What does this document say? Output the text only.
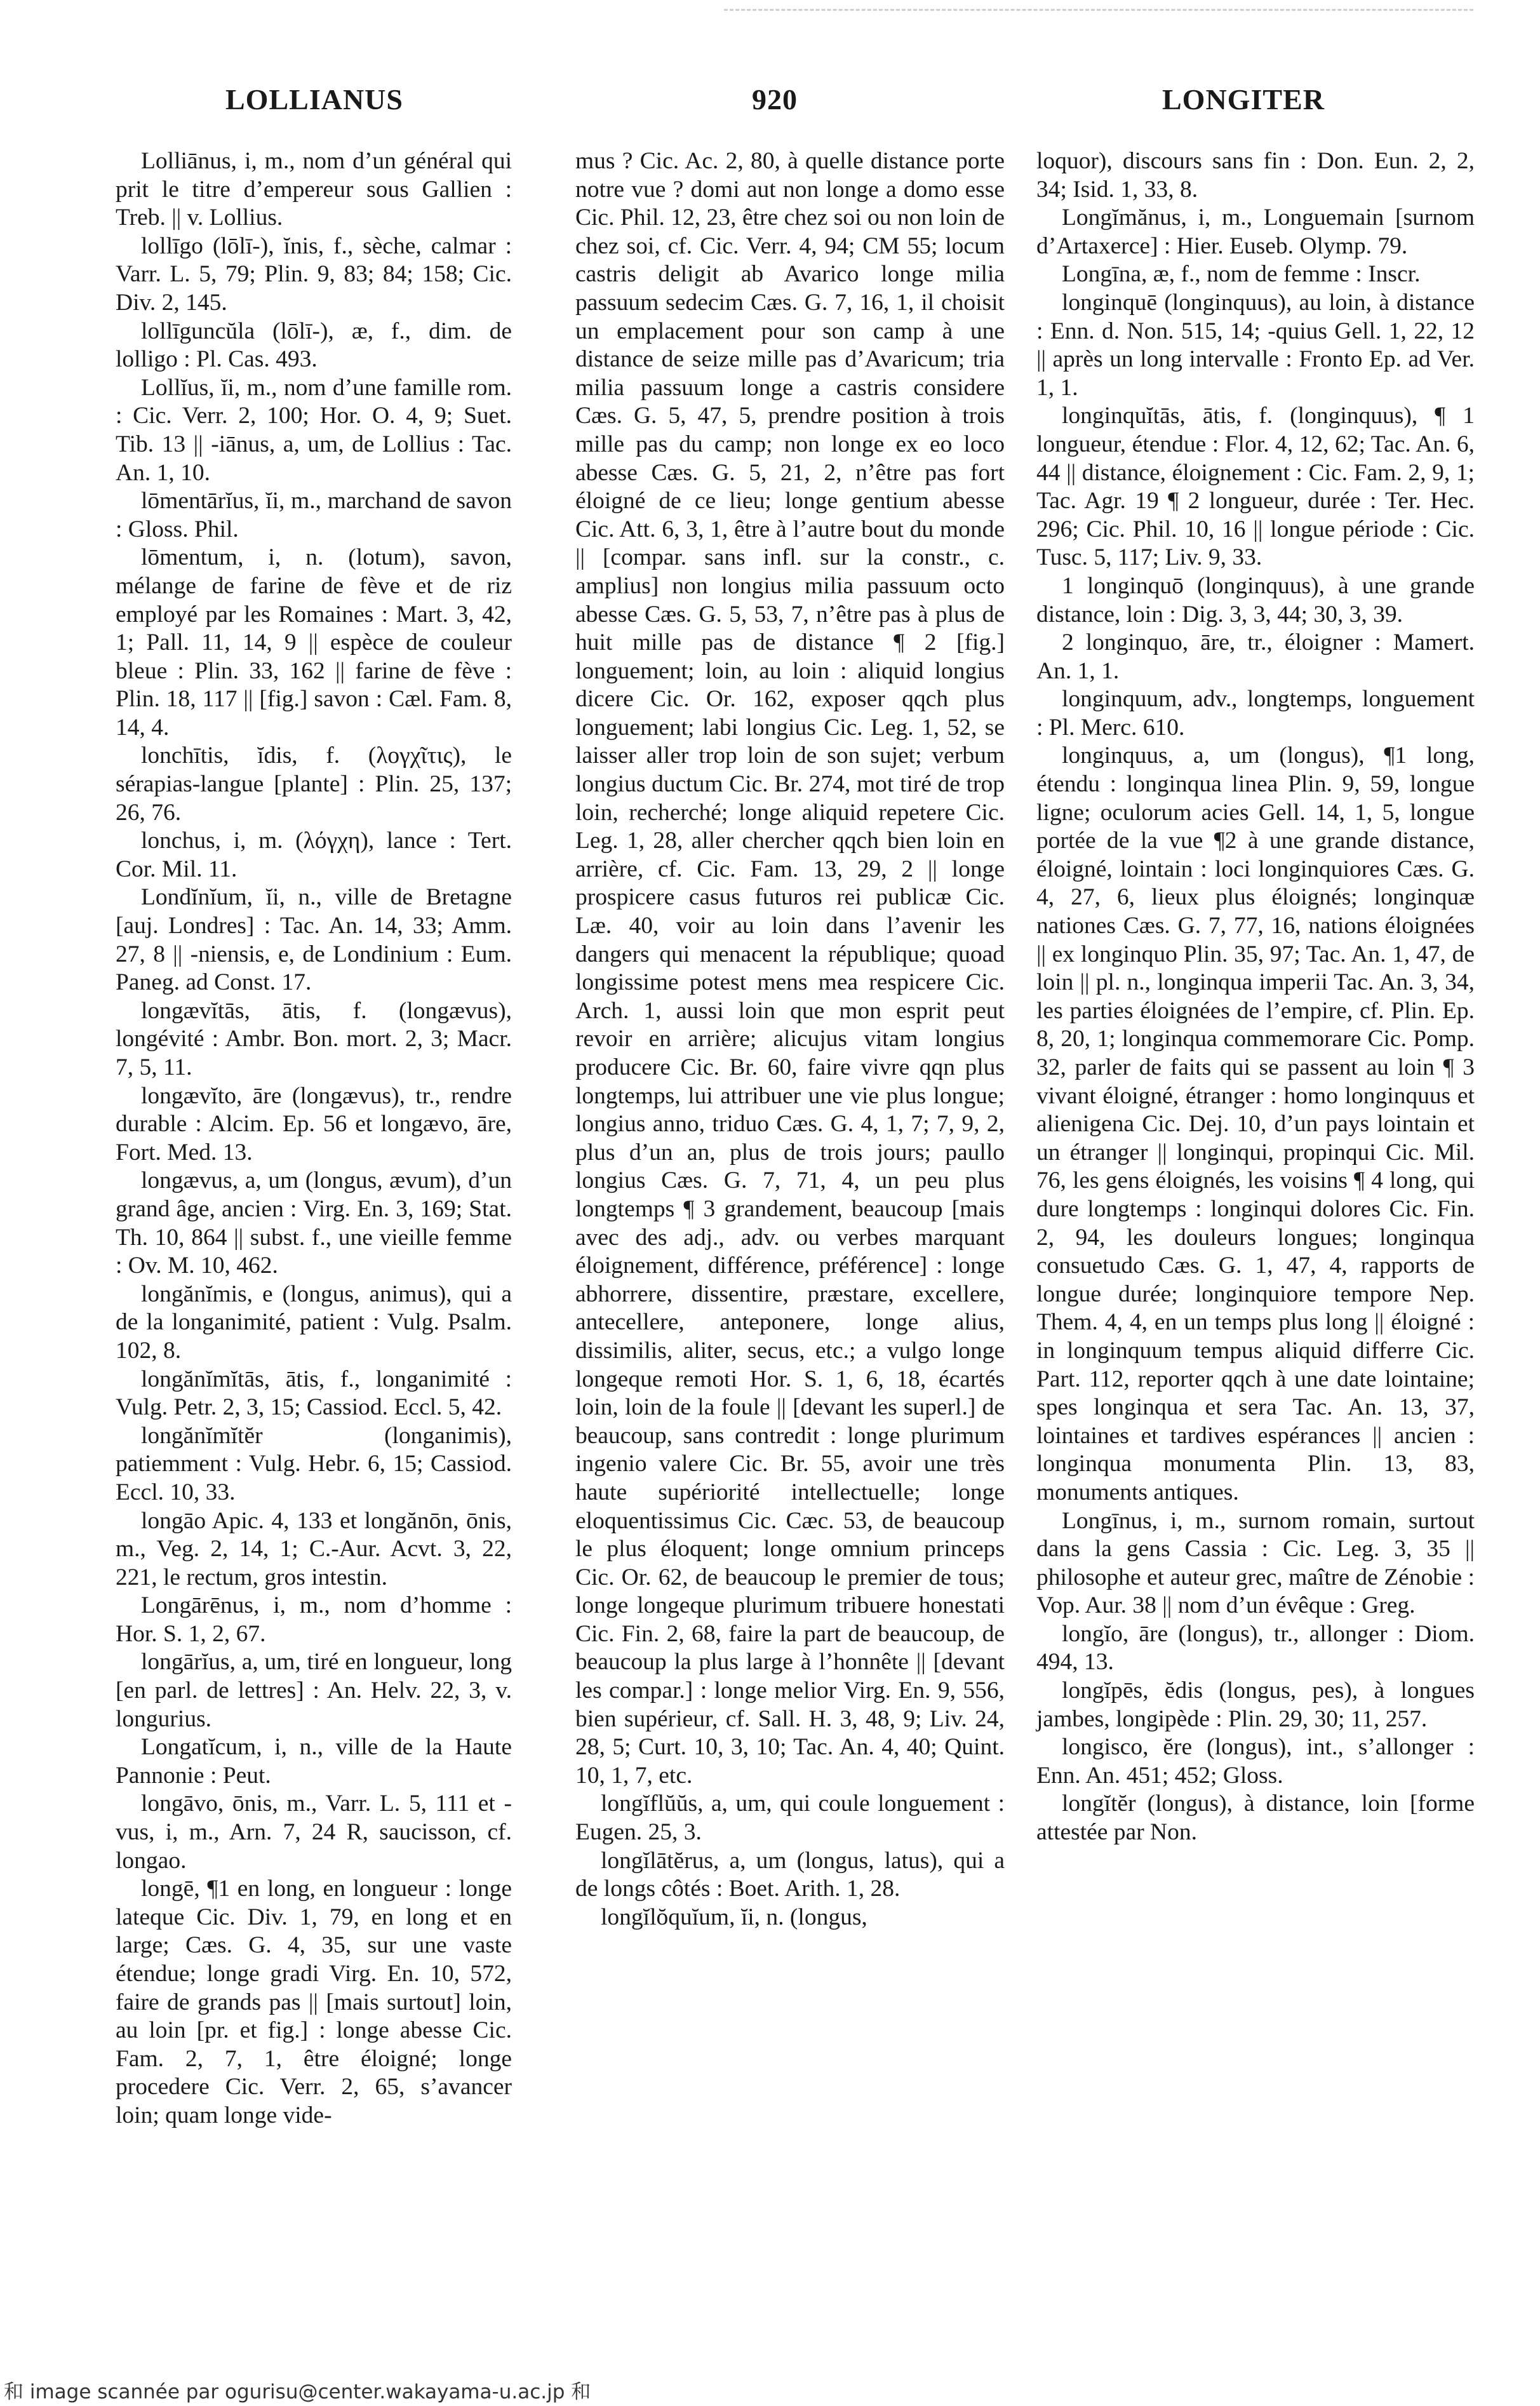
LOLLIANUS	920	LONGITER

Lolliānus, i, m., nom d’un général qui prit le titre d’empereur sous Gallien : Treb. || v. Lollius.

lollīgo (lōlī-), ĭnis, f., sèche, calmar : Varr. L. 5, 79; Plin. 9, 83; 84; 158; Cic. Div. 2, 145.

lollīguncŭla (lōlī-), æ, f., dim. de lolligo : Pl. Cas. 493.

Lollĭus, ĭi, m., nom d’une famille rom. : Cic. Verr. 2, 100; Hor. O. 4, 9; Suet. Tib. 13 || -iānus, a, um, de Lollius : Tac. An. 1, 10.

lōmentārĭus, ĭi, m., marchand de savon : Gloss. Phil.

lōmentum, i, n. (lotum), savon, mélange de farine de fève et de riz employé par les Romaines : Mart. 3, 42, 1; Pall. 11, 14, 9 || espèce de couleur bleue : Plin. 33, 162 || farine de fève : Plin. 18, 117 || [fig.] savon : Cæl. Fam. 8, 14, 4.

lonchītis, ĭdis, f. (λογχῖτις), le sérapias-langue [plante] : Plin. 25, 137; 26, 76.

lonchus, i, m. (λόγχη), lance : Tert. Cor. Mil. 11.

Londĭnĭum, ĭi, n., ville de Bretagne [auj. Londres] : Tac. An. 14, 33; Amm. 27, 8 || -niensis, e, de Londinium : Eum. Paneg. ad Const. 17.

longævĭtās, ātis, f. (longævus), longévité : Ambr. Bon. mort. 2, 3; Macr. 7, 5, 11.

longævĭto, āre (longævus), tr., rendre durable : Alcim. Ep. 56 et longævo, āre, Fort. Med. 13.

longævus, a, um (longus, ævum), d’un grand âge, ancien : Virg. En. 3, 169; Stat. Th. 10, 864 || subst. f., une vieille femme : Ov. M. 10, 462.

longănĭmis, e (longus, animus), qui a de la longanimité, patient : Vulg. Psalm. 102, 8.

longănĭmĭtās, ātis, f., longanimité : Vulg. Petr. 2, 3, 15; Cassiod. Eccl. 5, 42.

longănĭmĭtĕr (longanimis), patiemment : Vulg. Hebr. 6, 15; Cassiod. Eccl. 10, 33.

longāo Apic. 4, 133 et longănōn, ōnis, m., Veg. 2, 14, 1; C.-Aur. Acvt. 3, 22, 221, le rectum, gros intestin.

Longārēnus, i, m., nom d’homme : Hor. S. 1, 2, 67.

longārĭus, a, um, tiré en longueur, long [en parl. de lettres] : An. Helv. 22, 3, v. longurius.

Longatĭcum, i, n., ville de la Haute Pannonie : Peut.

longāvo, ōnis, m., Varr. L. 5, 111 et -vus, i, m., Arn. 7, 24 R, saucisson, cf. longao.

longē, ¶1 en long, en longueur : longe lateque Cic. Div. 1, 79, en long et en large; Cæs. G. 4, 35, sur une vaste étendue; longe gradi Virg. En. 10, 572, faire de grands pas || [mais surtout] loin, au loin [pr. et fig.] : longe abesse Cic. Fam. 2, 7, 1, être éloigné; longe procedere Cic. Verr. 2, 65, s’avancer loin; quam longe vide-

mus ? Cic. Ac. 2, 80, à quelle distance porte notre vue ? domi aut non longe a domo esse Cic. Phil. 12, 23, être chez soi ou non loin de chez soi, cf. Cic. Verr. 4, 94; CM 55; locum castris deligit ab Avarico longe milia passuum sedecim Cæs. G. 7, 16, 1, il choisit un emplacement pour son camp à une distance de seize mille pas d’Avaricum; tria milia passuum longe a castris considere Cæs. G. 5, 47, 5, prendre position à trois mille pas du camp; non longe ex eo loco abesse Cæs. G. 5, 21, 2, n’être pas fort éloigné de ce lieu; longe gentium abesse Cic. Att. 6, 3, 1, être à l’autre bout du monde || [compar. sans infl. sur la constr., c. amplius] non longius milia passuum octo abesse Cæs. G. 5, 53, 7, n’être pas à plus de huit mille pas de distance ¶ 2 [fig.] longuement; loin, au loin : aliquid longius dicere Cic. Or. 162, exposer qqch plus longuement; labi longius Cic. Leg. 1, 52, se laisser aller trop loin de son sujet; verbum longius ductum Cic. Br. 274, mot tiré de trop loin, recherché; longe aliquid repetere Cic. Leg. 1, 28, aller chercher qqch bien loin en arrière, cf. Cic. Fam. 13, 29, 2 || longe prospicere casus futuros rei publicæ Cic. Læ. 40, voir au loin dans l’avenir les dangers qui menacent la république; quoad longissime potest mens mea respicere Cic. Arch. 1, aussi loin que mon esprit peut revoir en arrière; alicujus vitam longius producere Cic. Br. 60, faire vivre qqn plus longtemps, lui attribuer une vie plus longue; longius anno, triduo Cæs. G. 4, 1, 7; 7, 9, 2, plus d’un an, plus de trois jours; paullo longius Cæs. G. 7, 71, 4, un peu plus longtemps ¶ 3 grandement, beaucoup [mais avec des adj., adv. ou verbes marquant éloignement, différence, préférence] : longe abhorrere, dissentire, præstare, excellere, antecellere, anteponere, longe alius, dissimilis, aliter, secus, etc.; a vulgo longe longeque remoti Hor. S. 1, 6, 18, écartés loin, loin de la foule || [devant les superl.] de beaucoup, sans contredit : longe plurimum ingenio valere Cic. Br. 55, avoir une très haute supériorité intellectuelle; longe eloquentissimus Cic. Cæc. 53, de beaucoup le plus éloquent; longe omnium princeps Cic. Or. 62, de beaucoup le premier de tous; longe longeque plurimum tribuere honestati Cic. Fin. 2, 68, faire la part de beaucoup, de beaucoup la plus large à l’honnête || [devant les compar.] : longe melior Virg. En. 9, 556, bien supérieur, cf. Sall. H. 3, 48, 9; Liv. 24, 28, 5; Curt. 10, 3, 10; Tac. An. 4, 40; Quint. 10, 1, 7, etc.

longĭflŭŭs, a, um, qui coule longuement : Eugen. 25, 3.

longĭlātĕrus, a, um (longus, latus), qui a de longs côtés : Boet. Arith. 1, 28.

longĭlŏquĭum, ĭi, n. (longus,

loquor), discours sans fin : Don. Eun. 2, 2, 34; Isid. 1, 33, 8.

Longĭmănus, i, m., Longuemain [surnom d’Artaxerce] : Hier. Euseb. Olymp. 79.

Longīna, æ, f., nom de femme : Inscr.

longinquē (longinquus), au loin, à distance : Enn. d. Non. 515, 14; -quius Gell. 1, 22, 12 || après un long intervalle : Fronto Ep. ad Ver. 1, 1.

longinquĭtās, ātis, f. (longinquus), ¶ 1 longueur, étendue : Flor. 4, 12, 62; Tac. An. 6, 44 || distance, éloignement : Cic. Fam. 2, 9, 1; Tac. Agr. 19 ¶ 2 longueur, durée : Ter. Hec. 296; Cic. Phil. 10, 16 || longue période : Cic. Tusc. 5, 117; Liv. 9, 33.

1 longinquō (longinquus), à une grande distance, loin : Dig. 3, 3, 44; 30, 3, 39.

2 longinquo, āre, tr., éloigner : Mamert. An. 1, 1.

longinquum, adv., longtemps, longuement : Pl. Merc. 610.

longinquus, a, um (longus), ¶1 long, étendu : longinqua linea Plin. 9, 59, longue ligne; oculorum acies Gell. 14, 1, 5, longue portée de la vue ¶2 à une grande distance, éloigné, lointain : loci longinquiores Cæs. G. 4, 27, 6, lieux plus éloignés; longinquæ nationes Cæs. G. 7, 77, 16, nations éloignées || ex longinquo Plin. 35, 97; Tac. An. 1, 47, de loin || pl. n., longinqua imperii Tac. An. 3, 34, les parties éloignées de l’empire, cf. Plin. Ep. 8, 20, 1; longinqua commemorare Cic. Pomp. 32, parler de faits qui se passent au loin ¶ 3 vivant éloigné, étranger : homo longinquus et alienigena Cic. Dej. 10, d’un pays lointain et un étranger || longinqui, propinqui Cic. Mil. 76, les gens éloignés, les voisins ¶ 4 long, qui dure longtemps : longinqui dolores Cic. Fin. 2, 94, les douleurs longues; longinqua consuetudo Cæs. G. 1, 47, 4, rapports de longue durée; longinquiore tempore Nep. Them. 4, 4, en un temps plus long || éloigné : in longinquum tempus aliquid differre Cic. Part. 112, reporter qqch à une date lointaine; spes longinqua et sera Tac. An. 13, 37, lointaines et tardives espérances || ancien : longinqua monumenta Plin. 13, 83, monuments antiques.

Longīnus, i, m., surnom romain, surtout dans la gens Cassia : Cic. Leg. 3, 35 || philosophe et auteur grec, maître de Zénobie : Vop. Aur. 38 || nom d’un évêque : Greg.

longĭo, āre (longus), tr., allonger : Diom. 494, 13.

longĭpēs, ĕdis (longus, pes), à longues jambes, longipède : Plin. 29, 30; 11, 257.

longisco, ĕre (longus), int., s’allonger : Enn. An. 451; 452; Gloss.

longĭtĕr (longus), à distance, loin [forme attestée par Non.

和 image scannée par ogurisu@center.wakayama-u.ac.jp 和
